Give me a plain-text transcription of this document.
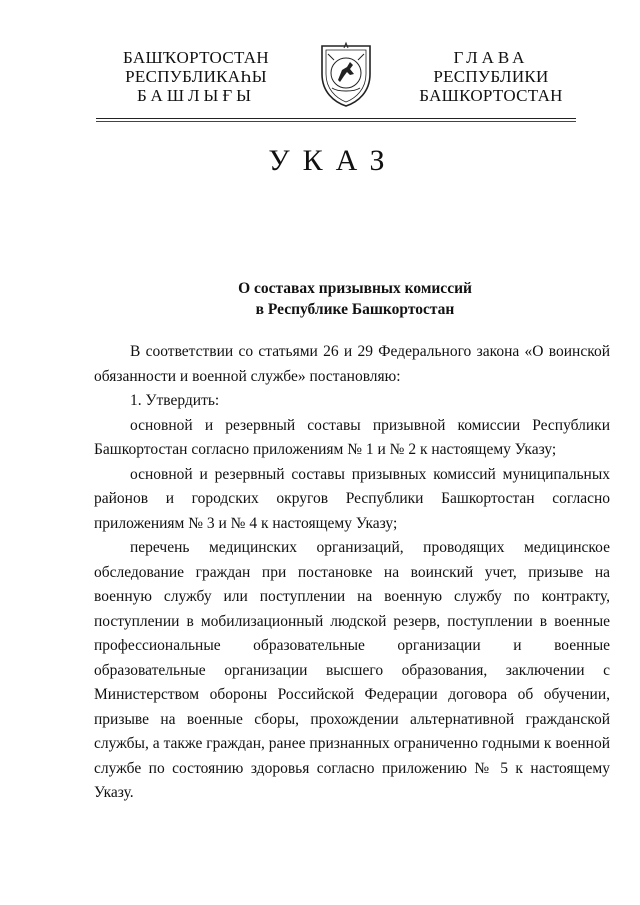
БАШҠОРТОСТАН
РЕСПУБЛИКАҺЫ
БАШЛЫҒЫ
ГЛАВА
РЕСПУБЛИКИ
БАШКОРТОСТАН
УКАЗ
О составах призывных комиссий
в Республике Башкортостан

В соответствии со статьями 26 и 29 Федерального закона «О воинской обязанности и военной службе» постановляю:

1. Утвердить:

основной и резервный составы призывной комиссии Республики Башкортостан согласно приложениям № 1 и № 2 к настоящему Указу;

основной и резервный составы призывных комиссий муниципальных районов и городских округов Республики Башкортостан согласно приложениям № 3 и № 4 к настоящему Указу;

перечень медицинских организаций, проводящих медицинское обследование граждан при постановке на воинский учет, призыве на военную службу или поступлении на военную службу по контракту, поступлении в мобилизационный людской резерв, поступлении в военные профессиональные образовательные организации и военные образовательные организации высшего образования, заключении с Министерством обороны Российской Федерации договора об обучении, призыве на военные сборы, прохождении альтернативной гражданской службы, а также граждан, ранее признанных ограниченно годными к военной службе по состоянию здоровья согласно приложению № 5 к настоящему Указу.
